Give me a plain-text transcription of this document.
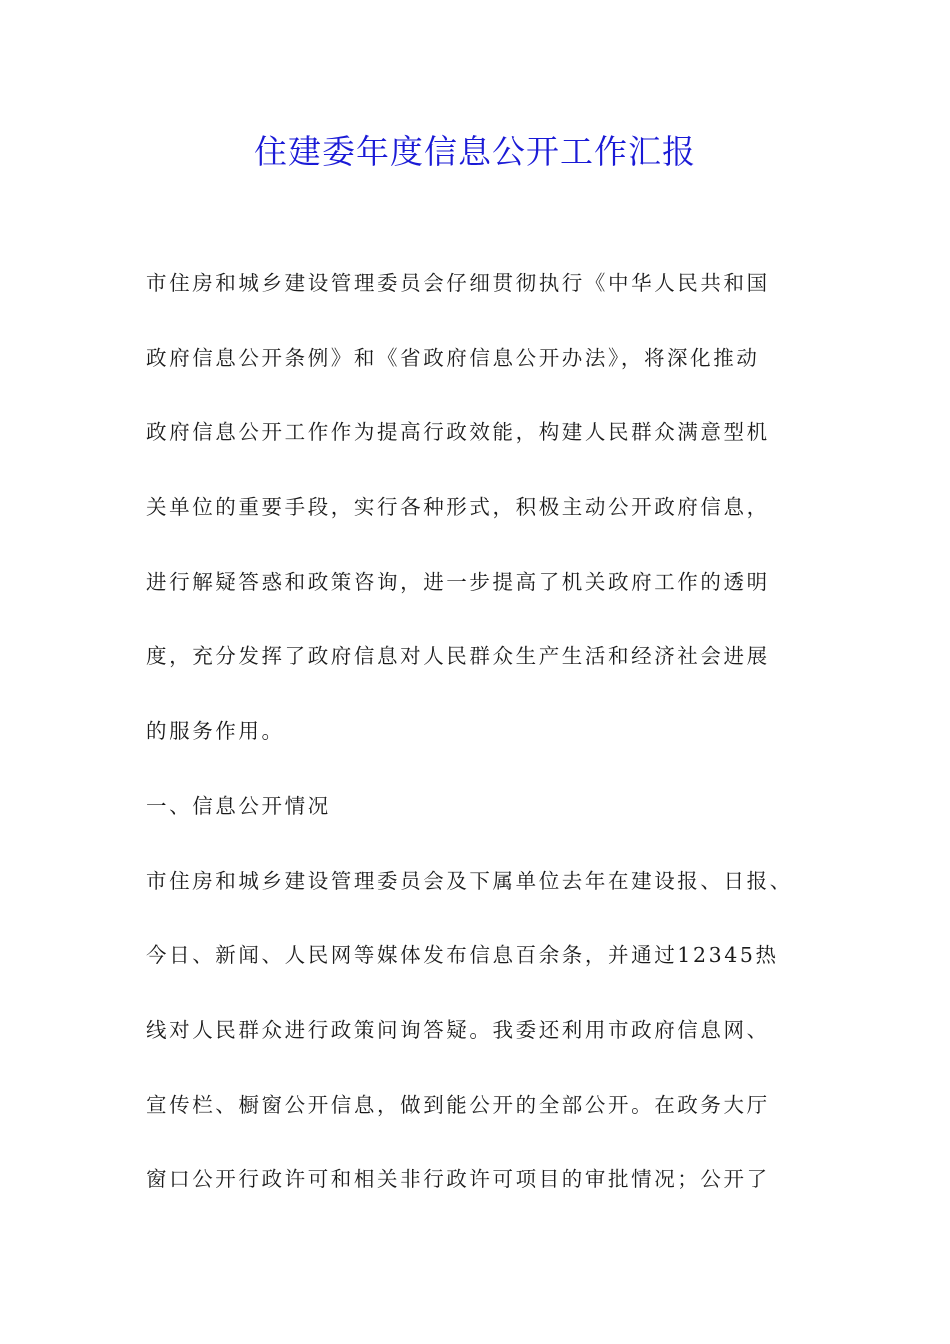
住建委年度信息公开工作汇报
市住房和城乡建设管理委员会仔细贯彻执行《中华人民共和国
政府信息公开条例》和《省政府信息公开办法》，将深化推动
政府信息公开工作作为提高行政效能，构建人民群众满意型机
关单位的重要手段，实行各种形式，积极主动公开政府信息，
进行解疑答惑和政策咨询，进一步提高了机关政府工作的透明
度，充分发挥了政府信息对人民群众生产生活和经济社会进展
的服务作用。
一、信息公开情况
市住房和城乡建设管理委员会及下属单位去年在建设报、日报、
今日、新闻、人民网等媒体发布信息百余条，并通过12345热
线对人民群众进行政策问询答疑。我委还利用市政府信息网、
宣传栏、橱窗公开信息，做到能公开的全部公开。在政务大厅
窗口公开行政许可和相关非行政许可项目的审批情况；公开了
